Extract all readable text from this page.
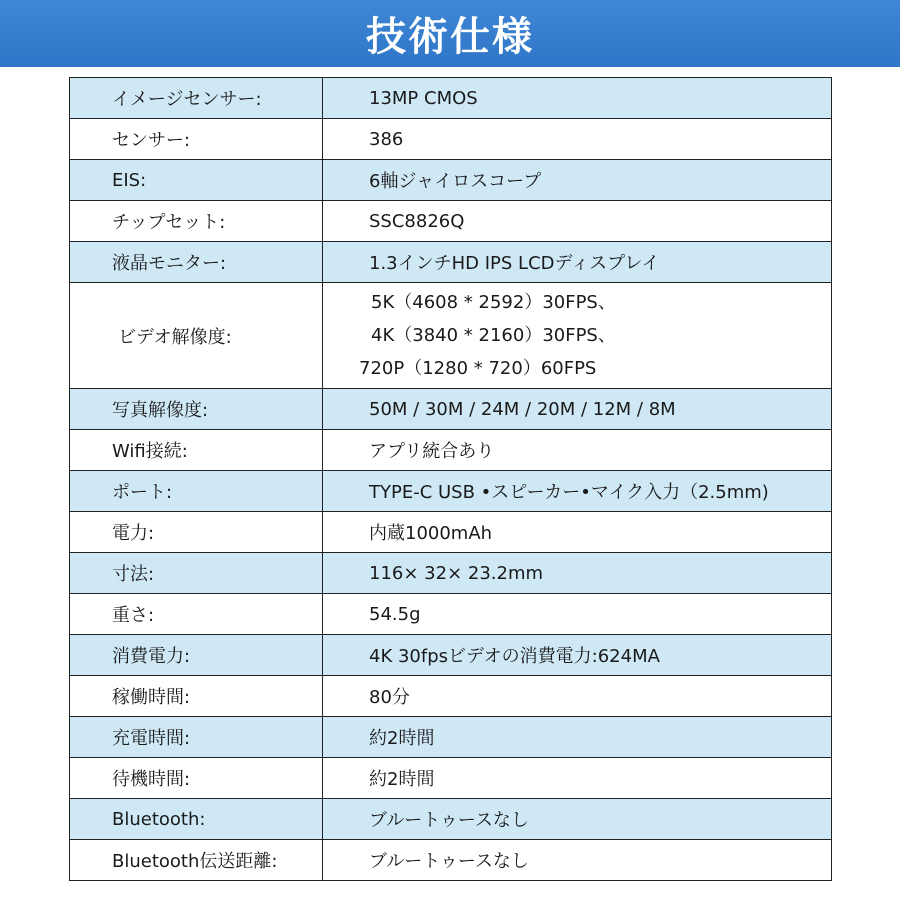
技術仕様
イメージセンサー:	13MP CMOS
センサー:	386
EIS:	6軸ジャイロスコープ
チップセット:	SSC8826Q
液晶モニター:	1.3インチHD IPS LCDディスプレイ
ビデオ解像度:	5K（4608 * 2592）30FPS、
4K（3840 * 2160）30FPS、
720P（1280 * 720）60FPS

写真解像度:	50M / 30M / 24M / 20M / 12M / 8M
Wifi接続:	アプリ統合あり
ポート:	TYPE-C USB •スピーカー•マイク入力（2.5mm)
電力:	内蔵1000mAh
寸法:	116× 32× 23.2mm
重さ:	54.5g
消費電力:	4K 30fpsビデオの消費電力:624MA
稼働時間:	80分
充電時間:	約2時間
待機時間:	約2時間
Bluetooth:	ブルートゥースなし
Bluetooth伝送距離:	ブルートゥースなし
